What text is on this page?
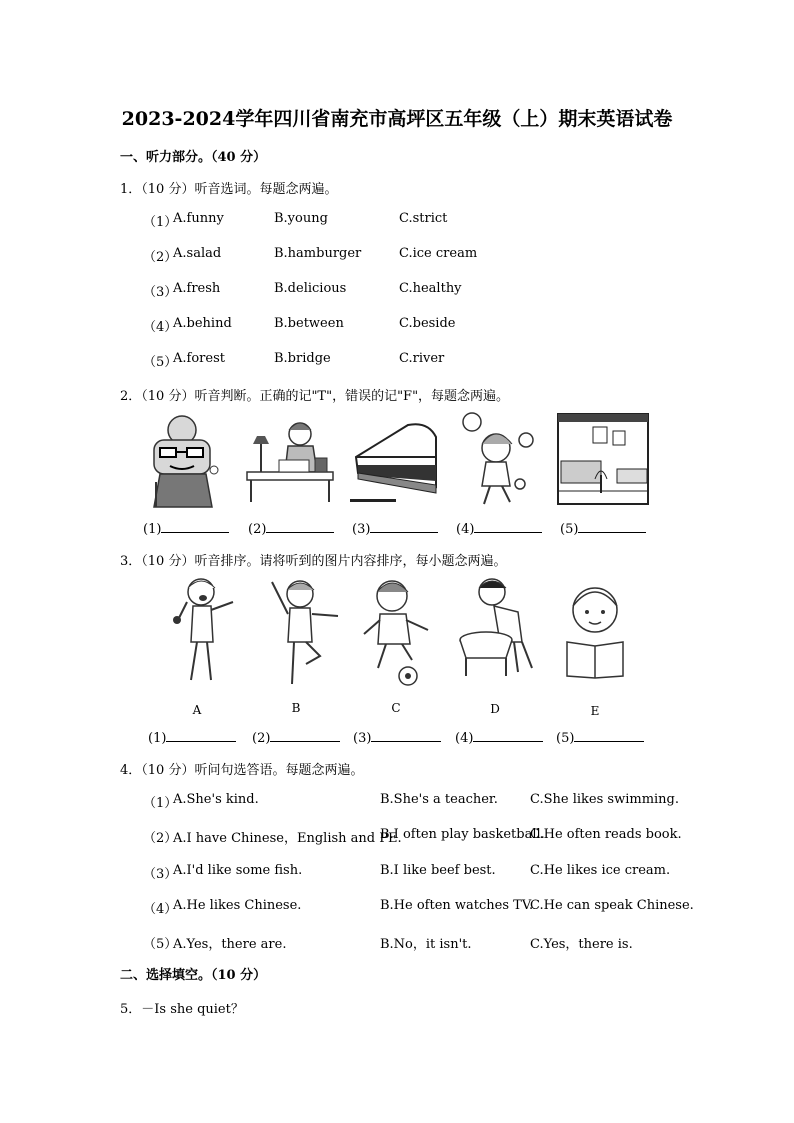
2023-2024学年四川省南充市高坪区五年级（上）期末英语试卷
一、听力部分。（40 分）
1．（10 分）听音选词。每题念两遍。
（1）
A.funny	B.young	C.strict
（2）
A.salad	B.hamburger	C.ice cream
（3）
A.fresh	B.delicious	C.healthy
（4）
A.behind	B.between	C.beside
（5）
A.forest	B.bridge	C.river
2．（10 分）听音判断。正确的记"T"，错误的记"F"，每题念两遍。
(1)	(2)	(3)	(4)	(5)
3．（10 分）听音排序。请将听到的图片内容排序，每小题念两遍。
A	B	C	D	E
(1)	(2)	(3)	(4)	(5)
4．（10 分）听问句选答语。每题念两遍。
（1）
A.She's kind.	B.She's a teacher. C.She likes swimming.
（2）
A.I have Chinese，English and PE.
B.I often play basketball.
C.He often reads book.
（3）
A.I'd like some fish.	B.I like beef best.	C.He likes ice cream.
（4）
A.He likes Chinese.	B.He often watches TV.
C.He can speak Chinese.
（5）
A.Yes，there are.	B.No，it isn't.	C.Yes，there is.
二、选择填空。（10 分）
5．－Is she quiet？
